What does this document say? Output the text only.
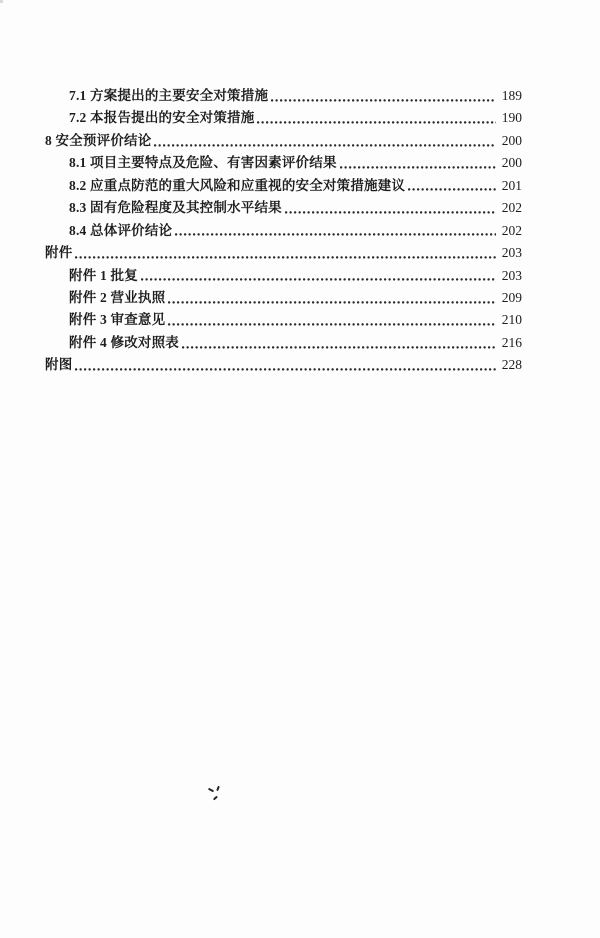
7.1 方案提出的主要安全对策措施	189
7.2 本报告提出的安全对策措施	190
8 安全预评价结论	200
8.1 项目主要特点及危险、有害因素评价结果	200
8.2 应重点防范的重大风险和应重视的安全对策措施建议	201
8.3 固有危险程度及其控制水平结果	202
8.4 总体评价结论	202
附件	203
附件 1 批复	203
附件 2 营业执照	209
附件 3 审查意见	210
附件 4 修改对照表	216
附图	228
